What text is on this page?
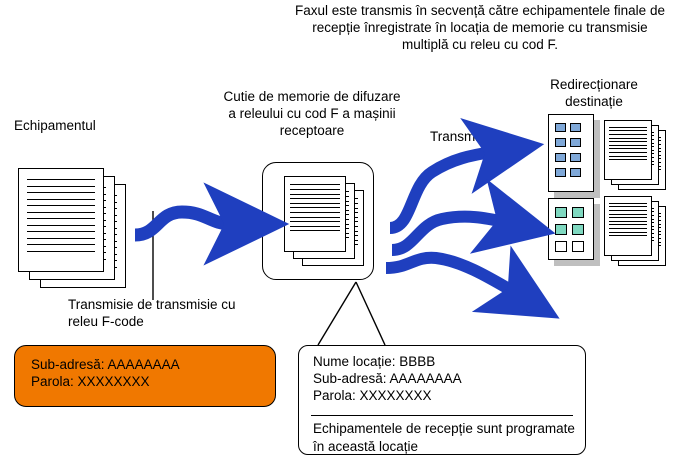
Faxul este transmis în secvență către echipamentele finale de recepție înregistrate în locația de memorie cu transmisie multiplă cu releu cu cod F.
Echipamentul
Cutie de memorie de difuzare a releului cu cod F a mașinii receptoare	Transmitere
Redirecționare destinație
Transmisie de transmisie cu releu F-code
Sub-adresă: AAAAAAAA
Parola: XXXXXXXX
Nume locație: BBBB
Sub-adresă: AAAAAAAA
Parola: XXXXXXXX
Echipamentele de recepție sunt programate în această locație
